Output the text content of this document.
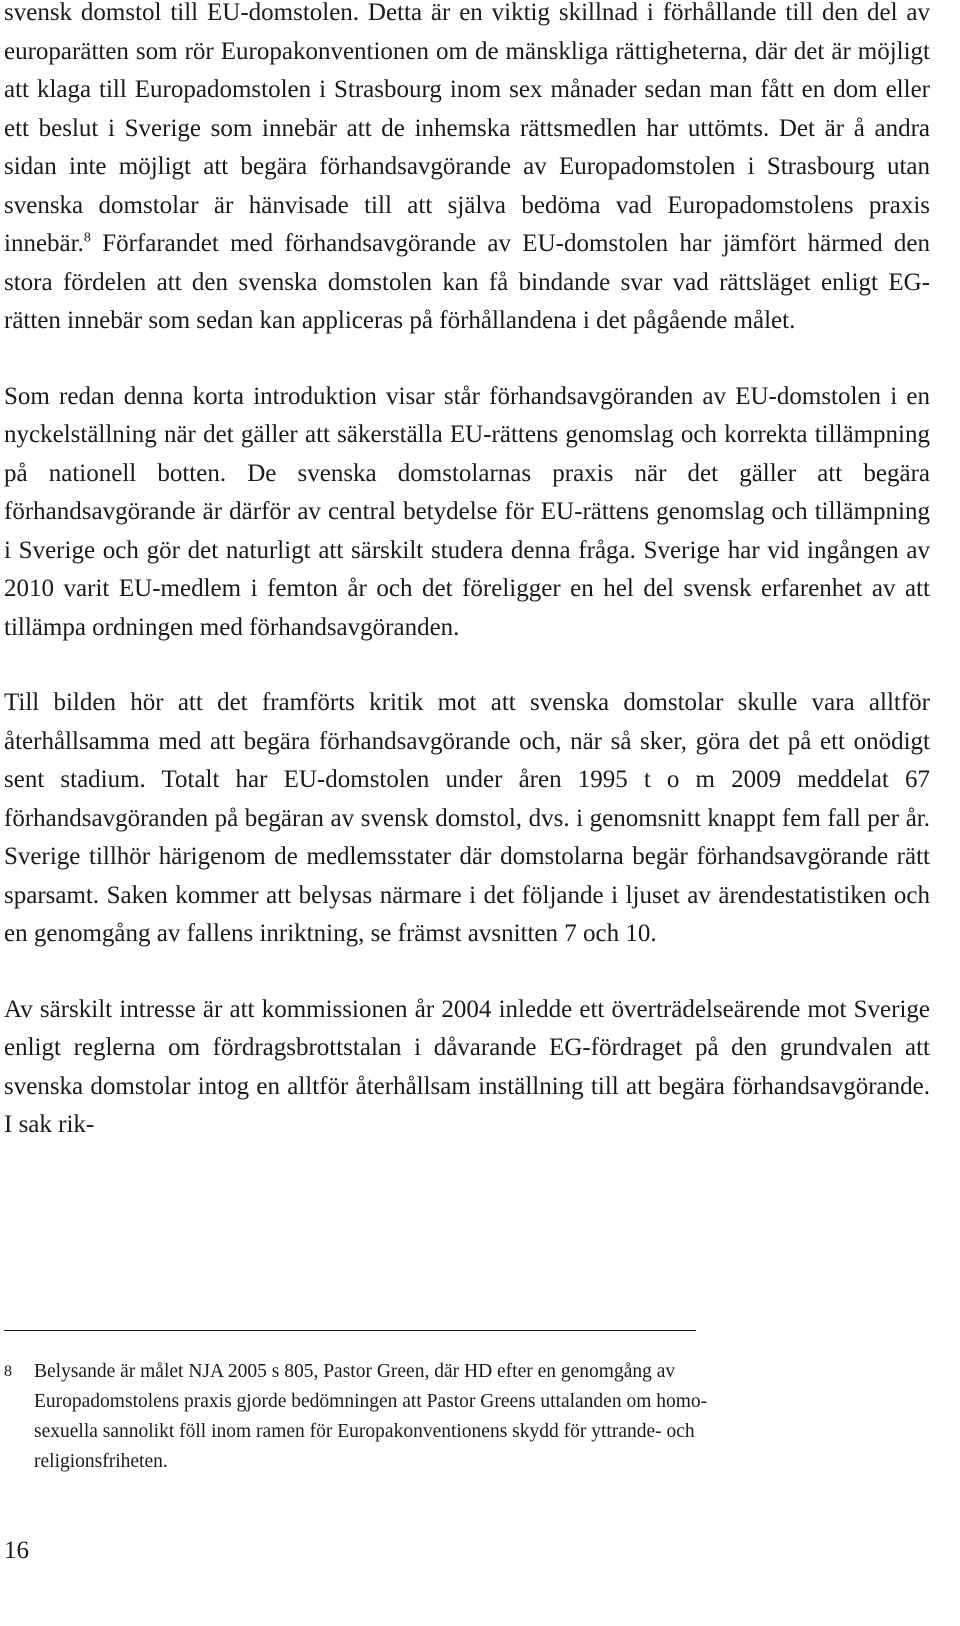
svensk domstol till EU-domstolen. Detta är en viktig skillnad i förhållande till den del av europarätten som rör Europakonventionen om de mänskliga rättigheterna, där det är möjligt att klaga till Europadomstolen i Strasbourg inom sex månader sedan man fått en dom eller ett beslut i Sverige som innebär att de inhemska rättsmedlen har uttömts. Det är å andra sidan inte möjligt att begära förhandsavgörande av Europadomstolen i Strasbourg utan svenska domstolar är hänvisade till att själva bedöma vad Europadomstolens praxis innebär.$^8$ Förfarandet med förhandsavgörande av EU-domstolen har jämfört härmed den stora fördelen att den svenska domstolen kan få bindande svar vad rättsläget enligt EG-rätten innebär som sedan kan appliceras på förhållandena i det pågående målet.

Som redan denna korta introduktion visar står förhandsavgöranden av EU-domstolen i en nyckelställning när det gäller att säkerställa EU-rättens genomslag och korrekta tillämpning på nationell botten. De svenska domstolarnas praxis när det gäller att begära förhandsavgörande är därför av central betydelse för EU-rättens genomslag och tillämpning i Sverige och gör det naturligt att särskilt studera denna fråga. Sverige har vid ingången av 2010 varit EU-medlem i femton år och det föreligger en hel del svensk erfarenhet av att tillämpa ordningen med förhandsavgöranden.

Till bilden hör att det framförts kritik mot att svenska domstolar skulle vara alltför återhållsamma med att begära förhandsavgörande och, när så sker, göra det på ett onödigt sent stadium. Totalt har EU-domstolen under åren 1995 t o m 2009 meddelat 67 förhandsavgöranden på begäran av svensk domstol, dvs. i genomsnitt knappt fem fall per år. Sverige tillhör härigenom de medlemsstater där domstolarna begär förhandsavgörande rätt sparsamt. Saken kommer att belysas närmare i det följande i ljuset av ärendestatistiken och en genomgång av fallens inriktning, se främst avsnitten 7 och 10.

Av särskilt intresse är att kommissionen år 2004 inledde ett överträdelseärende mot Sverige enligt reglerna om fördragsbrottstalan i dåvarande EG-fördraget på den grundvalen att svenska domstolar intog en alltför återhållsam inställning till att begära förhandsavgörande. I sak rik-

8	Belysande är målet NJA 2005 s 805, Pastor Green, där HD efter en genomgång av
Europadomstolens praxis gjorde bedömningen att Pastor Greens uttalanden om homo-
sexuella sannolikt föll inom ramen för Europakonventionens skydd för yttrande- och
religionsfriheten.
16
